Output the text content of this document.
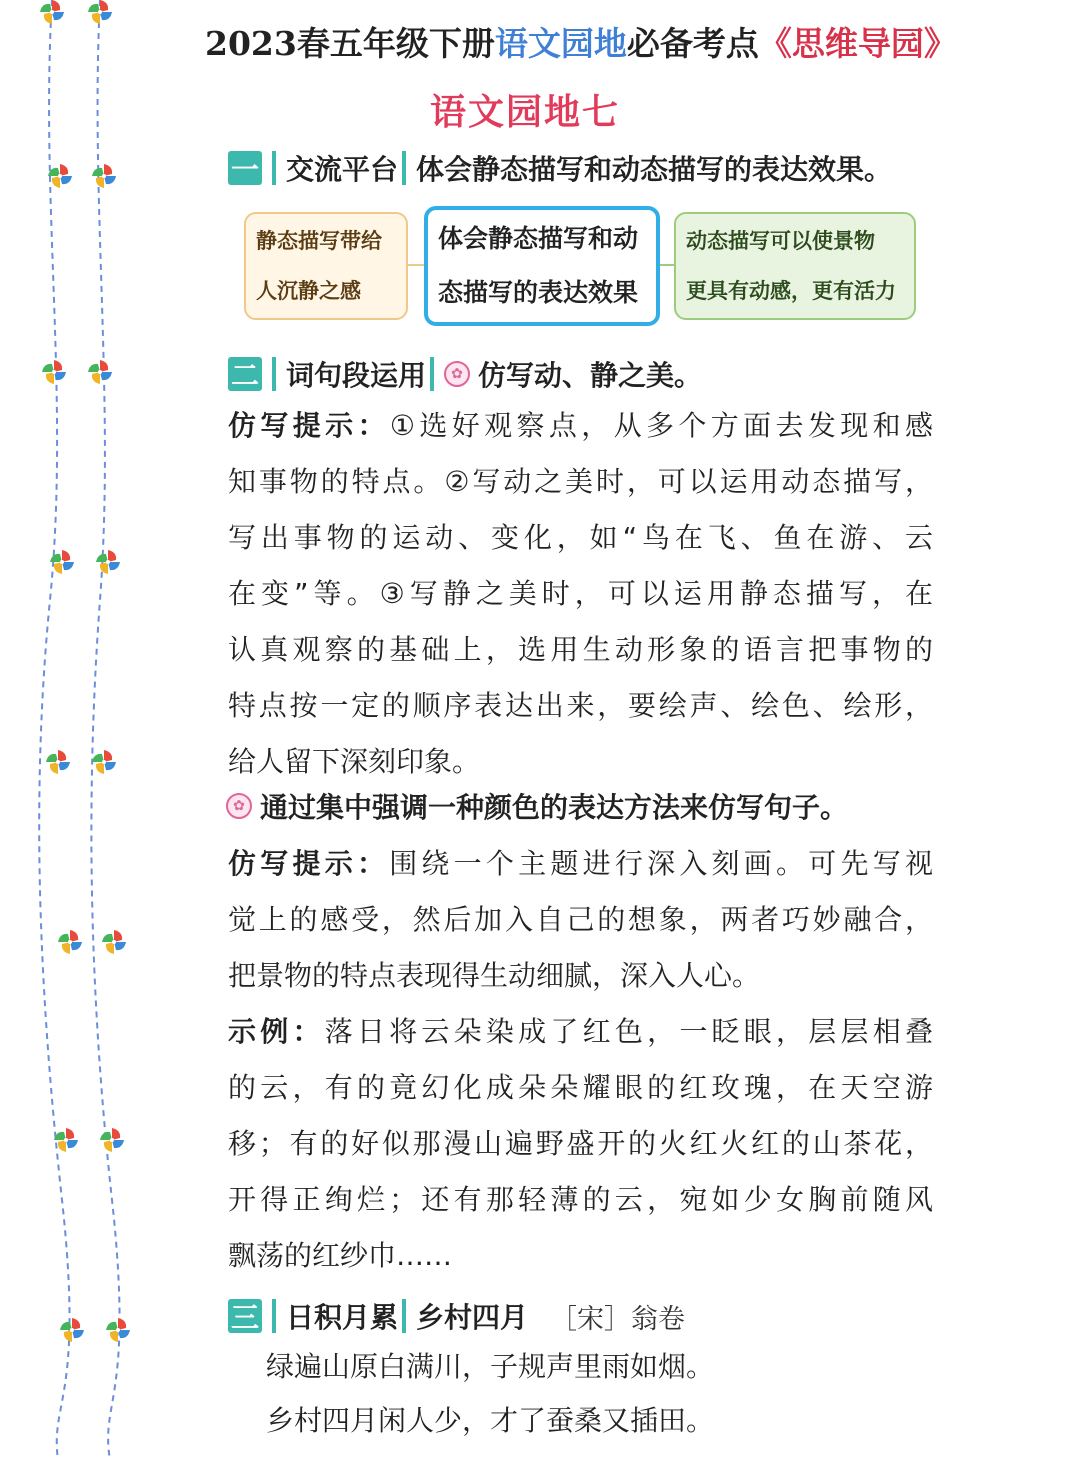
2023春五年级下册语文园地必备考点《思维导园》
语文园地七
一 交流平台 体会静态描写和动态描写的表达效果。
静态描写带给
人沉静之感
体会静态描写和动
态描写的表达效果
动态描写可以使景物
更具有动感，更有活力
二 词句段运用	✿ 仿写动、静之美。
仿写提示：①选好观察点，从多个方面去发现和感
知事物的特点。②写动之美时，可以运用动态描写，
写出事物的运动、变化，如“鸟在飞、鱼在游、云
在变”等。③写静之美时，可以运用静态描写，在
认真观察的基础上，选用生动形象的语言把事物的
特点按一定的顺序表达出来，要绘声、绘色、绘形，
给人留下深刻印象。
✿ 通过集中强调一种颜色的表达方法来仿写句子。
仿写提示：围绕一个主题进行深入刻画。可先写视
觉上的感受，然后加入自己的想象，两者巧妙融合，
把景物的特点表现得生动细腻，深入人心。
示例：落日将云朵染成了红色，一眨眼，层层相叠
的云，有的竟幻化成朵朵耀眼的红玫瑰，在天空游
移；有的好似那漫山遍野盛开的火红火红的山茶花，
开得正绚烂；还有那轻薄的云，宛如少女胸前随风
飘荡的红纱巾……
三 日积月累 乡村四月 ［宋］翁卷
绿遍山原白满川，子规声里雨如烟。
乡村四月闲人少，才了蚕桑又插田。
